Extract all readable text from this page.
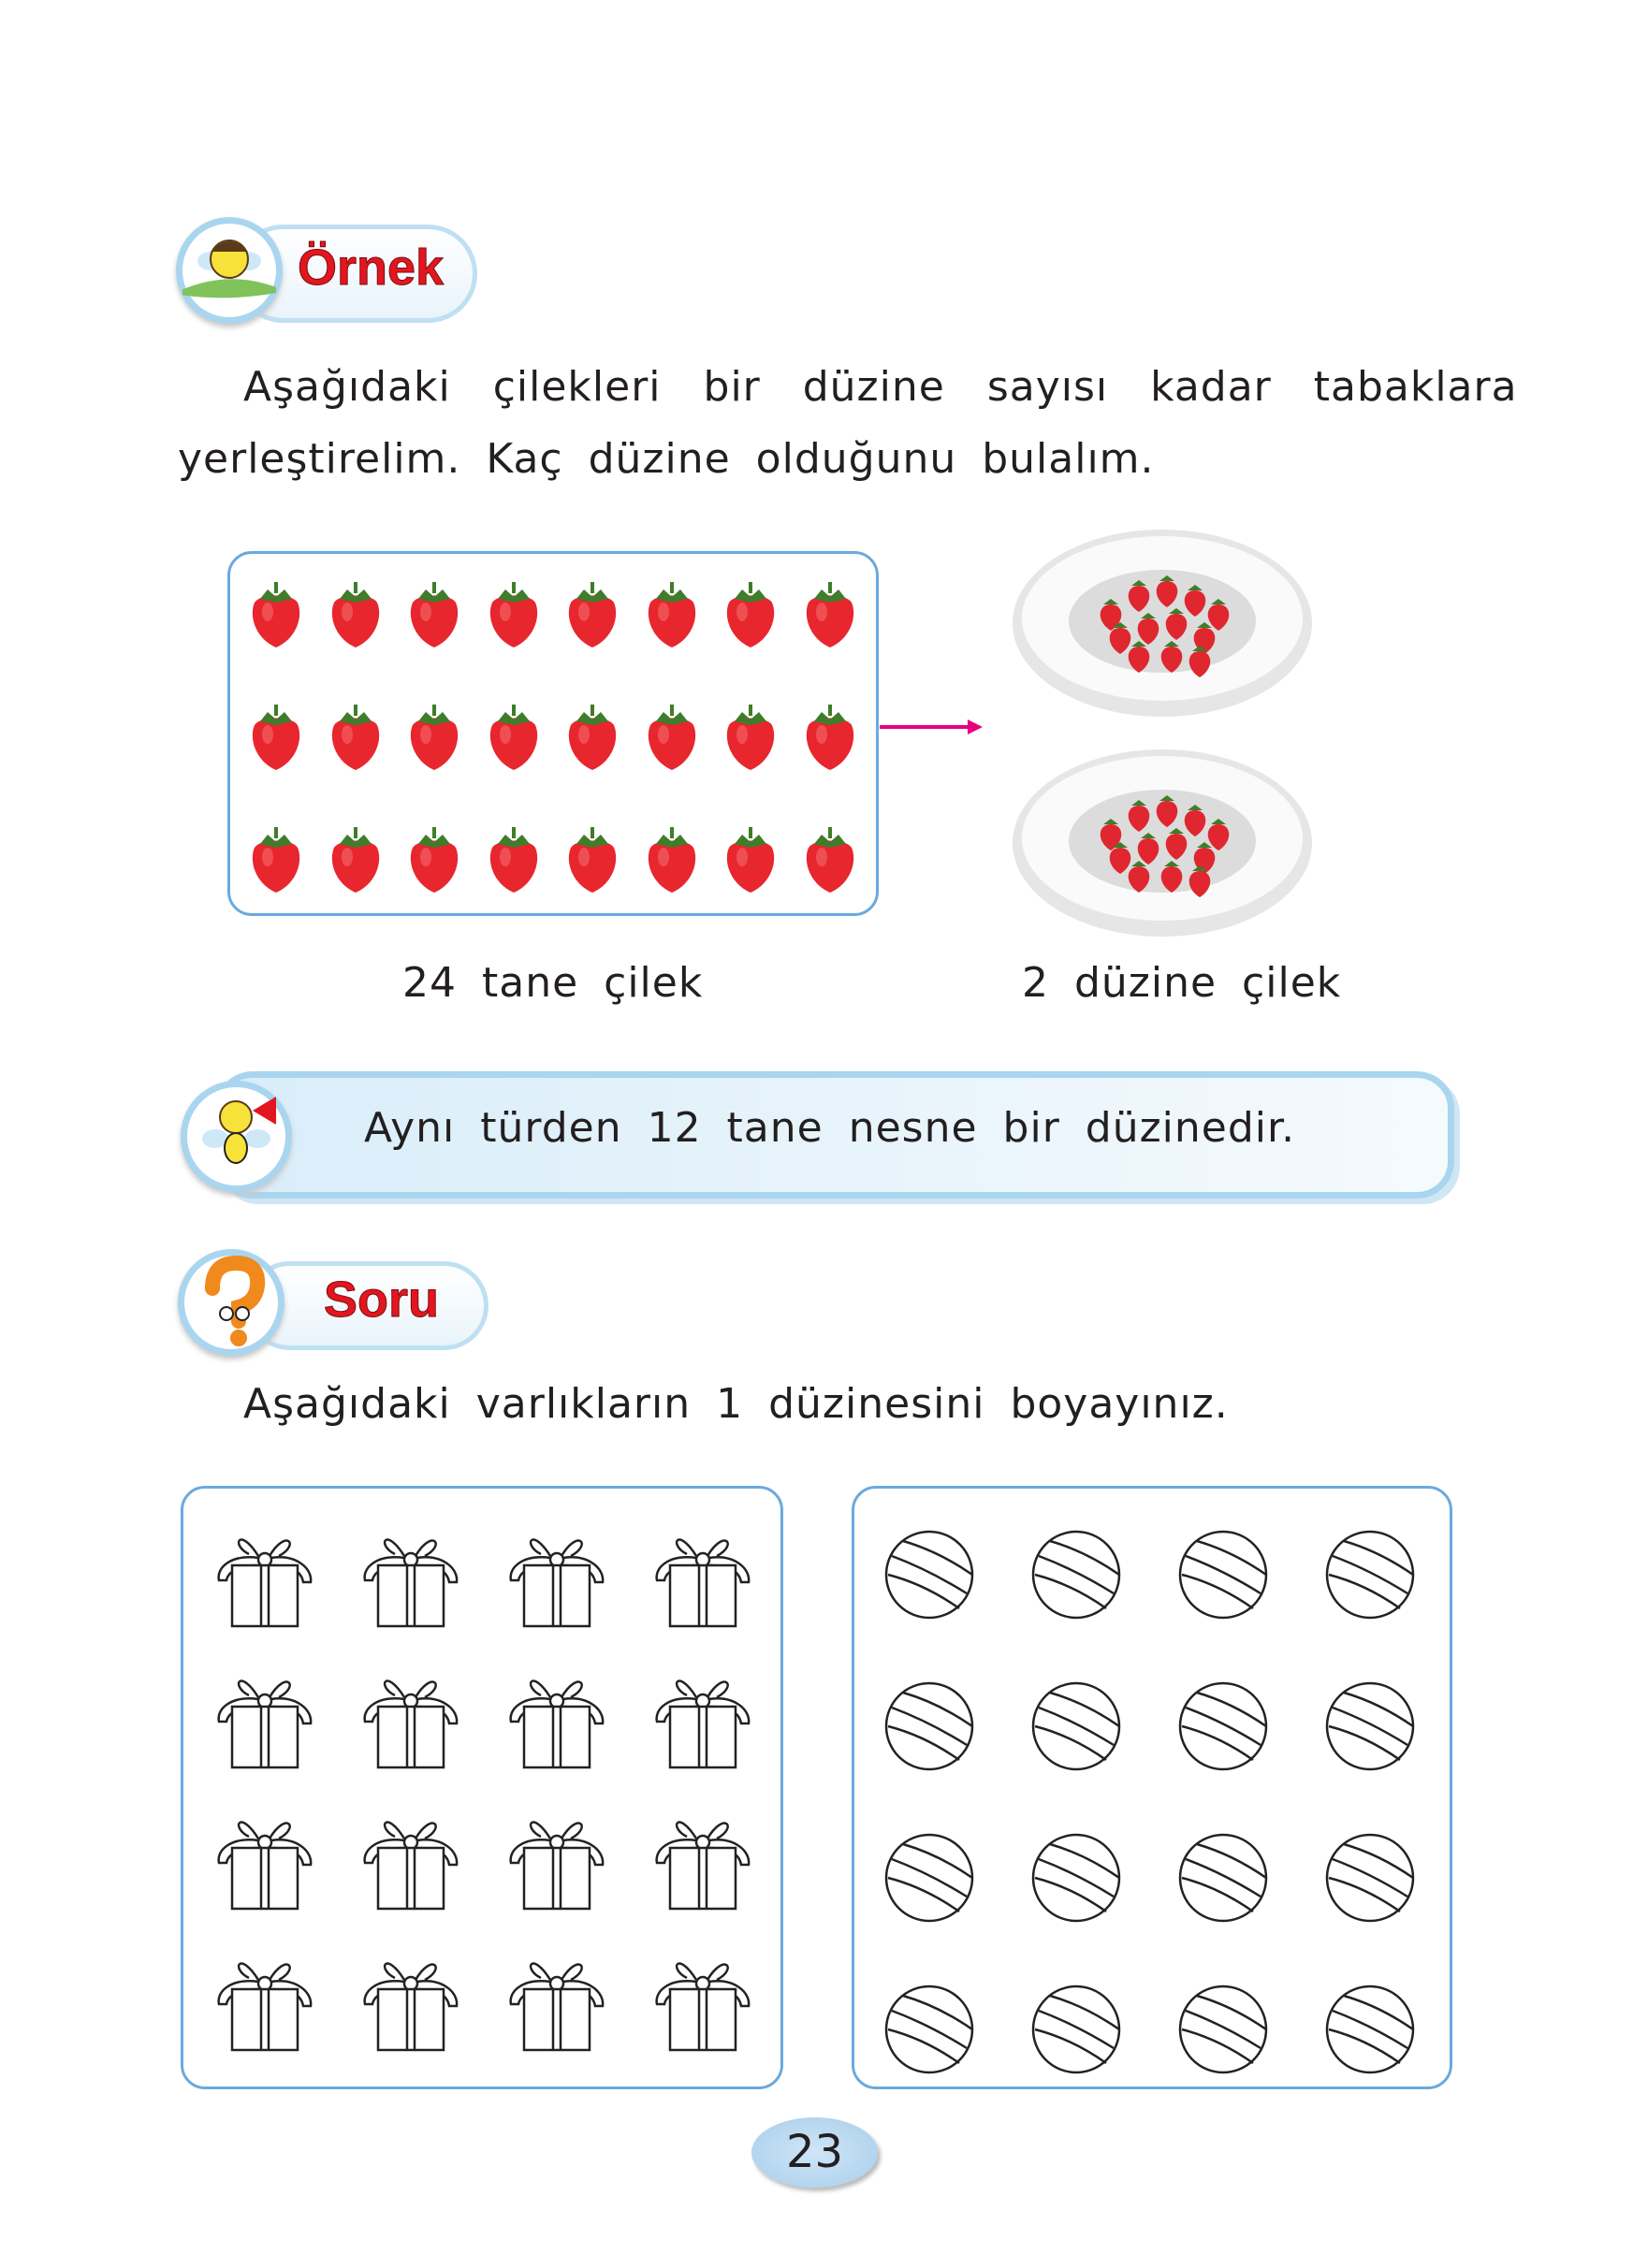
Örnek
Aşağıdaki çilekleri bir düzine sayısı kadar tabaklara
yerleştirelim. Kaç düzine olduğunu bulalım.
24 tane çilek	2 düzine çilek
Aynı türden 12 tane nesne bir düzinedir.
Soru
Aşağıdaki varlıkların 1 düzinesini boyayınız.
23
